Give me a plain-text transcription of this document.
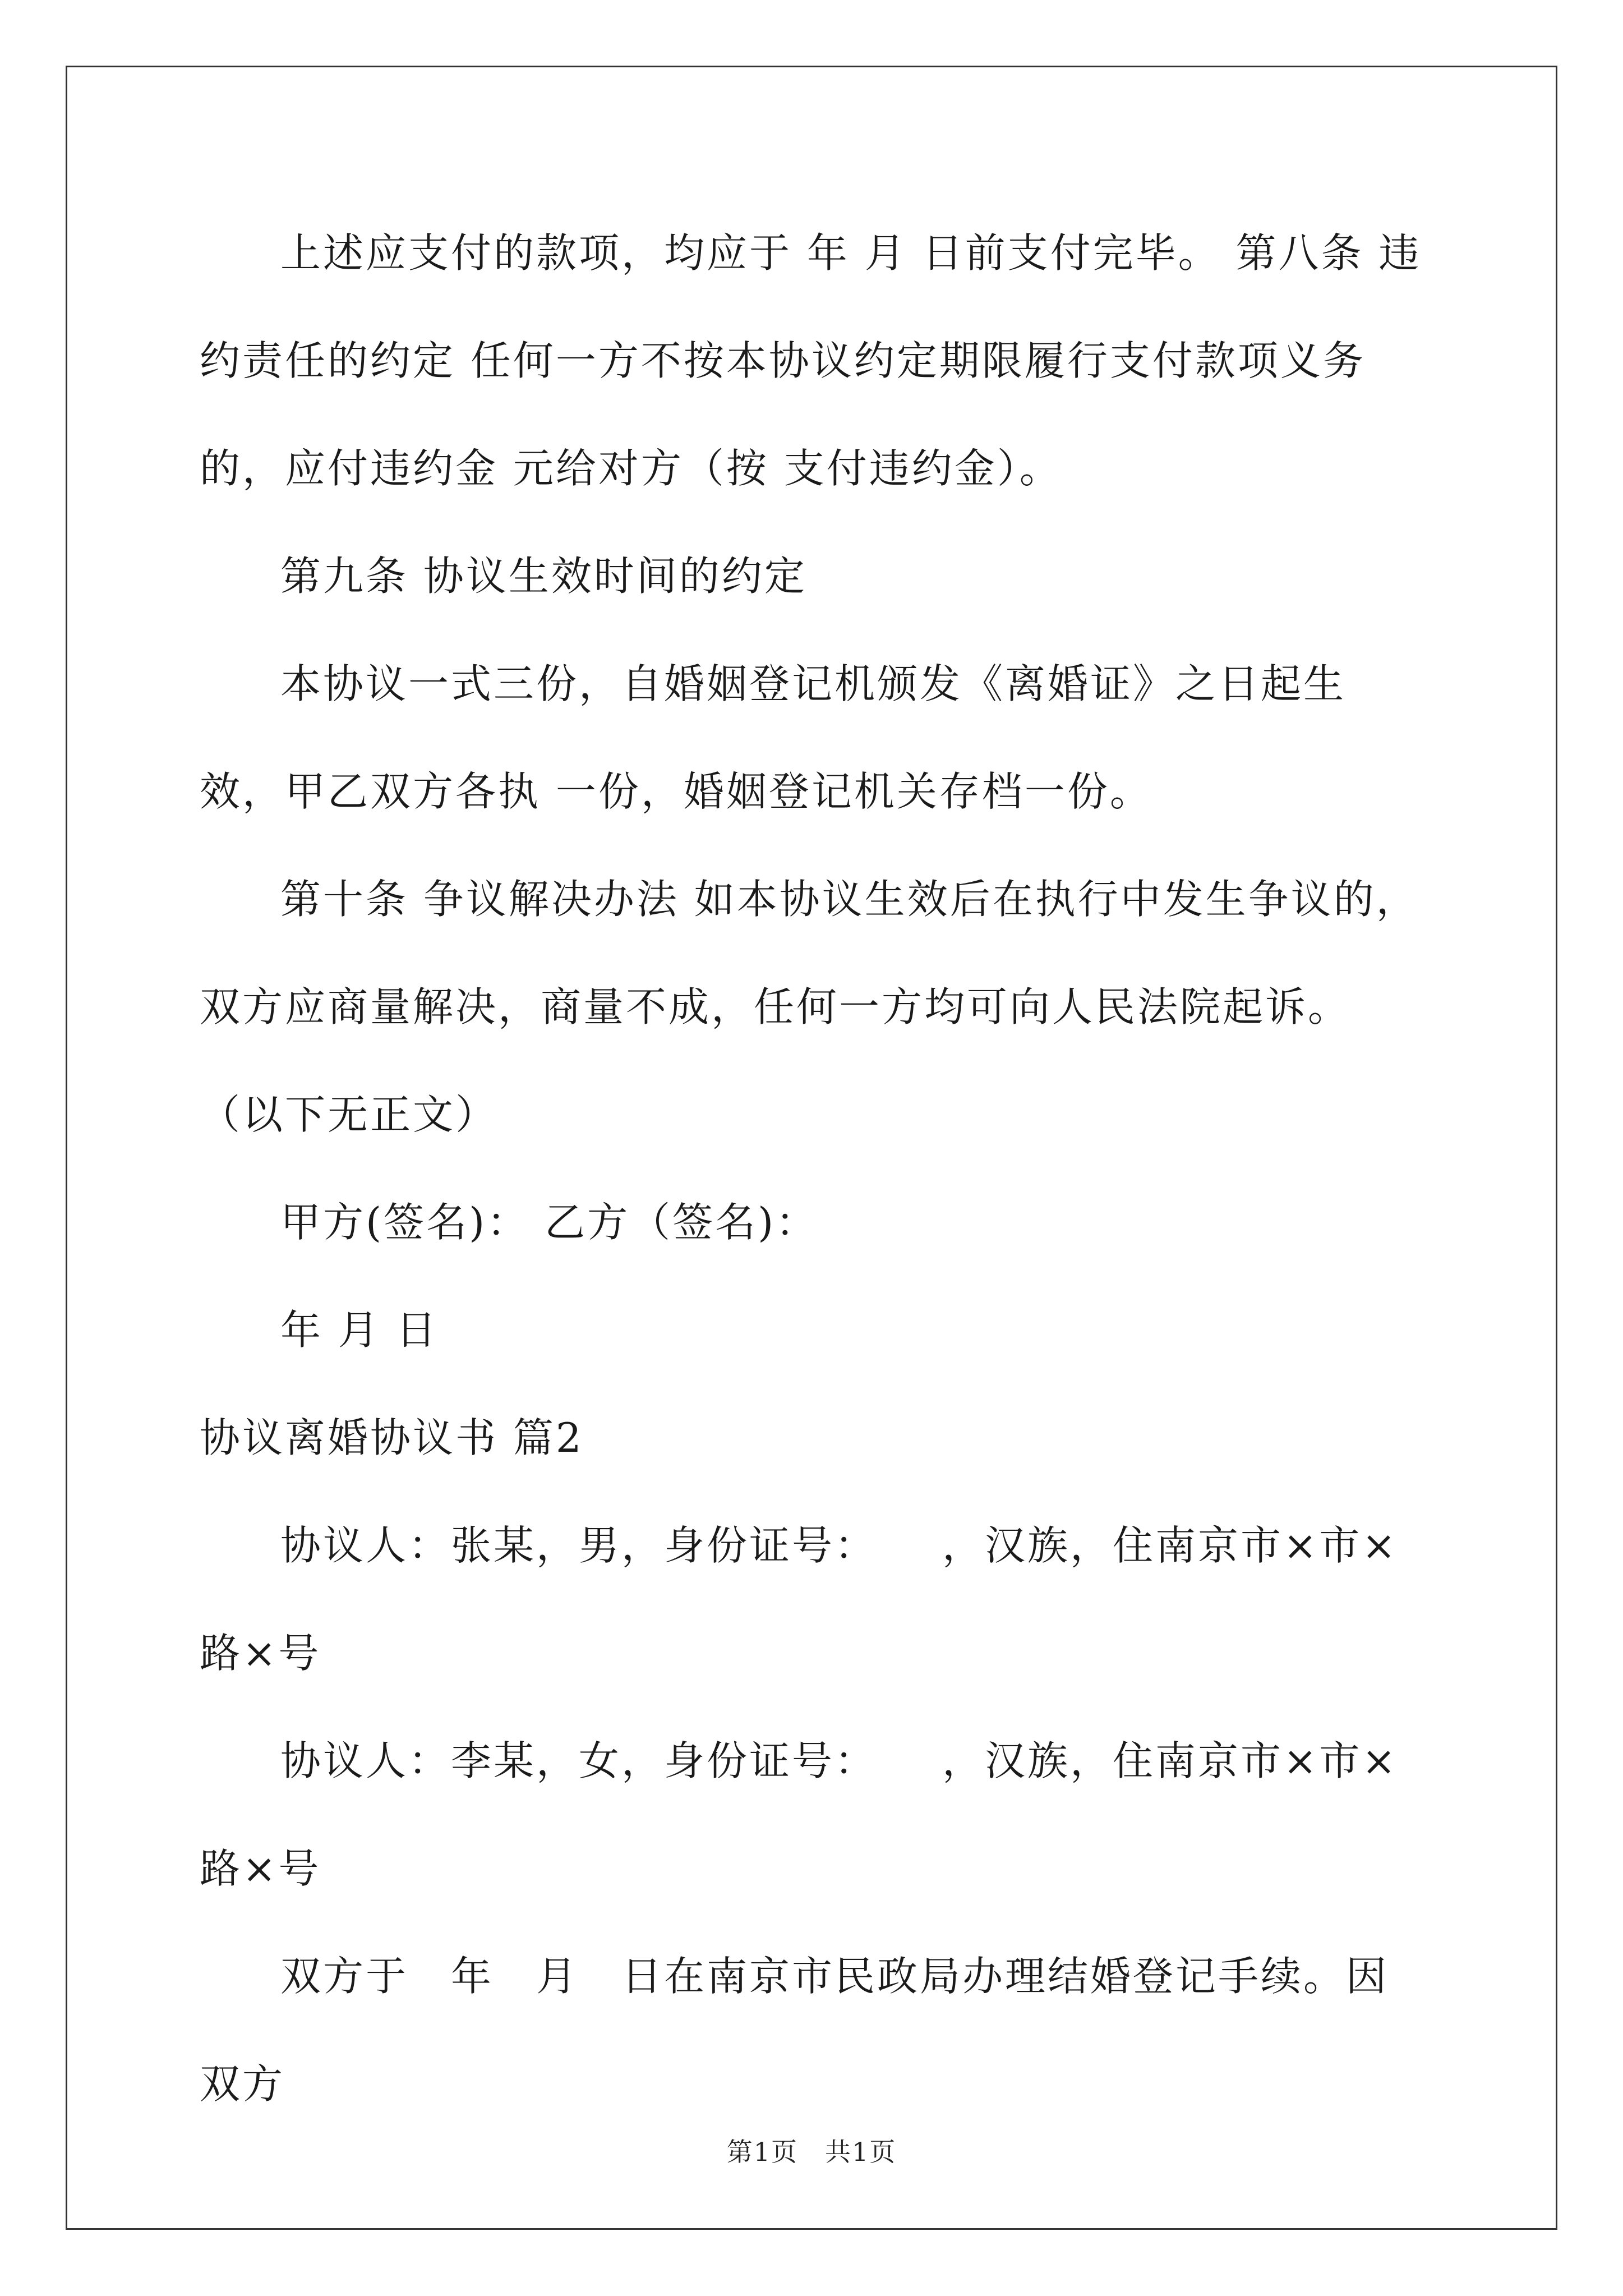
上述应支付的款项，均应于 年 月 日前支付完毕。 第八条 违约责任的约定 任何一方不按本协议约定期限履行支付款项义务的，应付违约金 元给对方（按 支付违约金）。

第九条 协议生效时间的约定

本协议一式三份，自婚姻登记机颁发《离婚证》之日起生效，甲乙双方各执 一份，婚姻登记机关存档一份。

第十条 争议解决办法 如本协议生效后在执行中发生争议的，双方应商量解决，商量不成，任何一方均可向人民法院起诉。 （以下无正文）

甲方(签名)： 乙方（签名)：

年 月 日

协议离婚协议书 篇2

协议人：张某，男，身份证号：　　，汉族，住南京市×市×路×号

协议人：李某，女，身份证号：　　，汉族，住南京市×市×路×号

双方于　年　月　日在南京市民政局办理结婚登记手续。因双方

第1页　共1页
